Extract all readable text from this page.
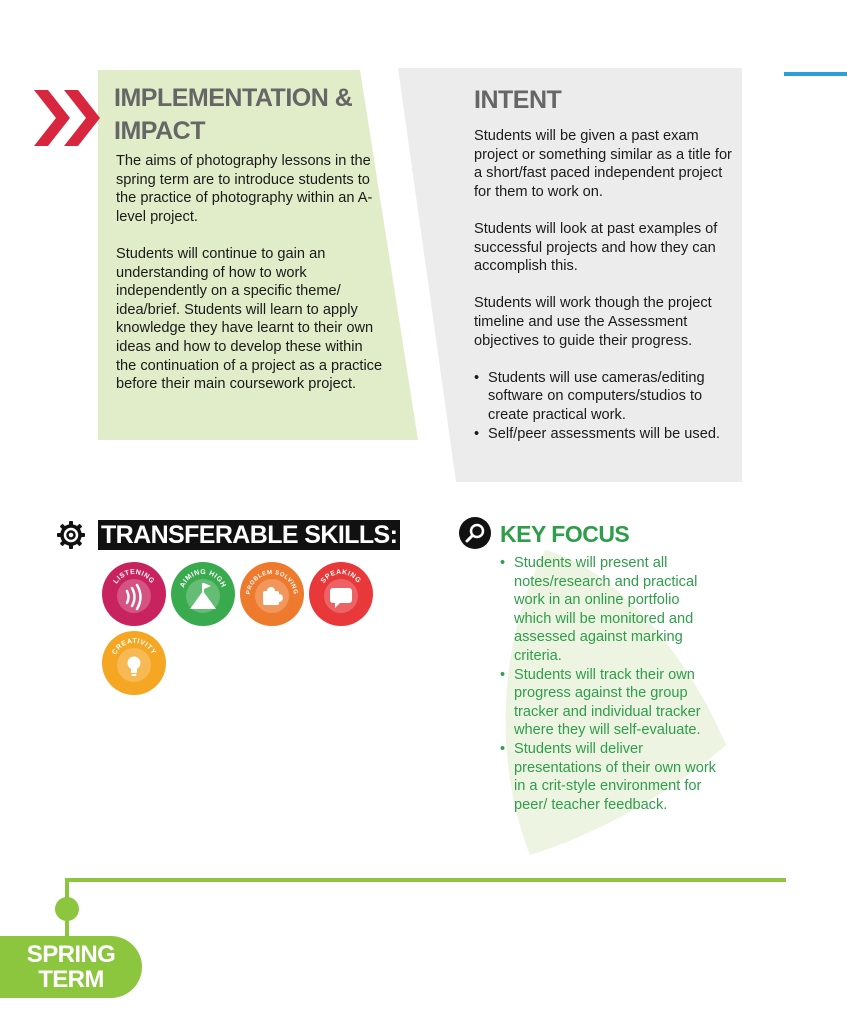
IMPLEMENTATION &
IMPACT

The aims of photography lessons in the spring term are to introduce students to the practice of photography within an A-level project.

Students will continue to gain an understanding of how to work independently on a specific theme/ idea/brief. Students will learn to apply knowledge they have learnt to their own ideas and how to develop these within the continuation of a project as a practice before their main coursework project.

INTENT

Students will be given a past exam project or something similar as a title for a short/fast paced independent project for them to work on.

Students will look at past examples of successful projects and how they can accomplish this.

Students will work though the project timeline and use the Assessment objectives to guide their progress.

• Students will use cameras/editing software on computers/studios to create practical work.
• Self/peer assessments will be used.
TRANSFERABLE SKILLS:
LISTENING	AIMING HIGH
PROBLEM SOLVING
SPEAKING
CREATIVITY
KEY FOCUS
• Students will present all notes/research and practical work in an online portfolio which will be monitored and assessed against marking criteria.
• Students will track their own progress against the group tracker and individual tracker where they will self-evaluate.
• Students will deliver presentations of their own work in a crit-style environment for peer/ teacher feedback.
SPRING
TERM
